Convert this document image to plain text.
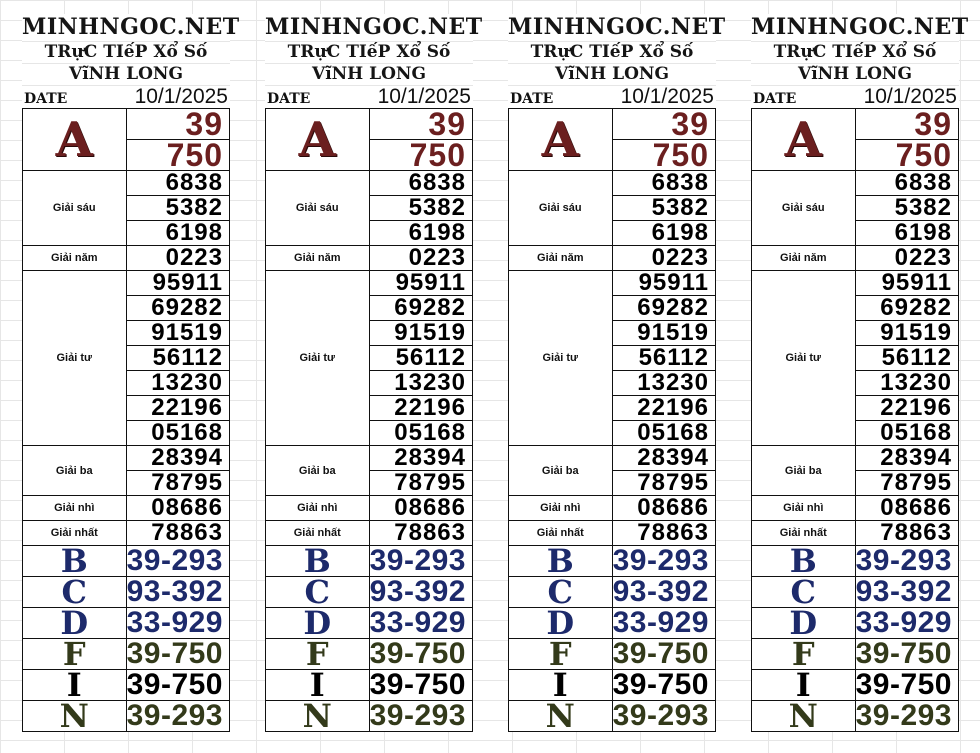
MINHNGOC.NET
TRựC TIếP Xổ Số
VĩNH LONG
DATE	10/1/2025
A	39
	750
Giải sáu	6838
	5382
	6198
Giải năm	0223
Giải tư	95911
	69282
	91519
	56112
	13230
	22196
	05168
Giải ba	28394
	78795
Giải nhì	08686
Giải nhất	78863
B	39-293
C	93-392
D	33-929
F	39-750
I	39-750
N	39-293
MINHNGOC.NET
TRựC TIếP Xổ Số
VĩNH LONG
DATE	10/1/2025
A	39
	750
Giải sáu	6838
	5382
	6198
Giải năm	0223
Giải tư	95911
	69282
	91519
	56112
	13230
	22196
	05168
Giải ba	28394
	78795
Giải nhì	08686
Giải nhất	78863
B	39-293
C	93-392
D	33-929
F	39-750
I	39-750
N	39-293
MINHNGOC.NET
TRựC TIếP Xổ Số
VĩNH LONG
DATE	10/1/2025
A	39
	750
Giải sáu	6838
	5382
	6198
Giải năm	0223
Giải tư	95911
	69282
	91519
	56112
	13230
	22196
	05168
Giải ba	28394
	78795
Giải nhì	08686
Giải nhất	78863
B	39-293
C	93-392
D	33-929
F	39-750
I	39-750
N	39-293
MINHNGOC.NET
TRựC TIếP Xổ Số
VĩNH LONG
DATE	10/1/2025
A	39
	750
Giải sáu	6838
	5382
	6198
Giải năm	0223
Giải tư	95911
	69282
	91519
	56112
	13230
	22196
	05168
Giải ba	28394
	78795
Giải nhì	08686
Giải nhất	78863
B	39-293
C	93-392
D	33-929
F	39-750
I	39-750
N	39-293
